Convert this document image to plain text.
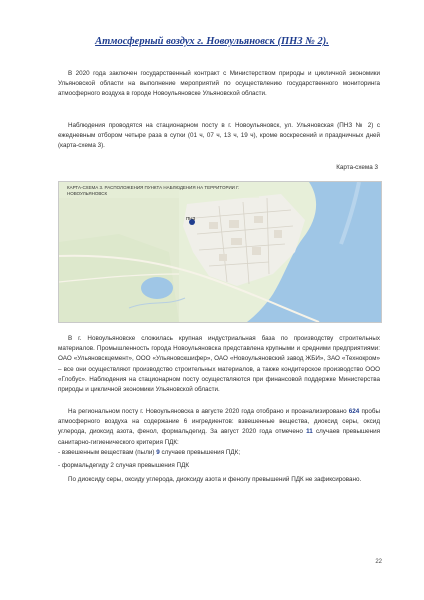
Атмосферный воздух г. Новоульяновск (ПНЗ № 2).

В 2020 года заключен государственный контракт с Министерством природы и цикличной экономики Ульяновской области на выполнение мероприятий по осуществлению государственного мониторинга атмосферного воздуха в городе Новоульяновске Ульяновской области.

Наблюдения проводятся на стационарном посту в г. Новоульяновск, ул. Ульяновская (ПНЗ № 2) с ежедневным отбором четыре раза в сутки (01 ч, 07 ч, 13 ч, 19 ч), кроме воскресений и праздничных дней (карта-схема 3).

Карта-схема 3
КАРТА-СХЕМА 3. РАСПОЛОЖЕНИЯ ПУНКТА НАБЛЮДЕНИЯ НА ТЕРРИТОРИИ Г. НОВОУЛЬЯНОВСК
ПНЗ

В г. Новоульяновске сложилась крупная индустриальная база по производству строительных материалов. Промышленность города Новоульяновска представлена крупными и средними предприятиями: ОАО «Ульяновскцемент», ООО «Ульяновскшифер», ОАО «Новоульяновский завод ЖБИ», ЗАО «Технокром» – все они осуществляют производство строительных материалов, а также кондитерское производство ООО «Глобус». Наблюдения на стационарном посту осуществляются при финансовой поддержке Министерства природы и цикличной экономики Ульяновской области.

На региональном посту г. Новоульяновска в августе 2020 года отобрано и проанализировано 624 пробы атмосферного воздуха на содержание 6 ингредиентов: взвешенные вещества, диоксид серы, оксид углерода, диоксид азота, фенол, формальдегид. За август 2020 года отмечено 11 случаев превышения санитарно-гигиенического критерия ПДК:

- взвешенным веществам (пыли) 9 случаев превышения ПДК;

- формальдегиду 2 случая превышения ПДК

По диоксиду серы, оксиду углерода, диоксиду азота и фенолу превышений ПДК не зафиксировано.

22
